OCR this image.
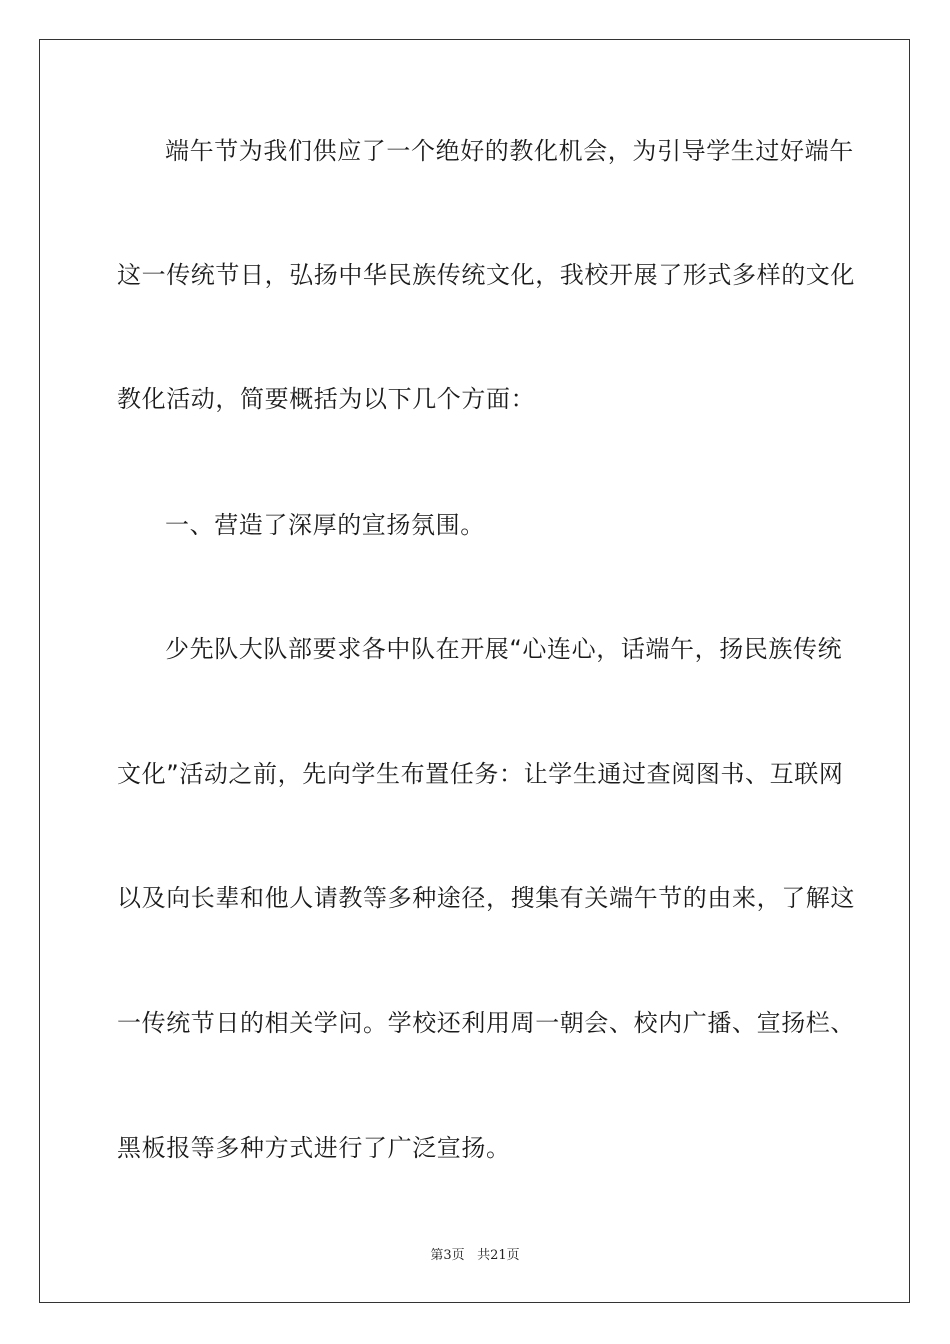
端午节为我们供应了一个绝好的教化机会，为引导学生过好端午
这一传统节日，弘扬中华民族传统文化，我校开展了形式多样的文化
教化活动，简要概括为以下几个方面：
一、营造了深厚的宣扬氛围。
少先队大队部要求各中队在开展“心连心，话端午，扬民族传统
文化”活动之前，先向学生布置任务：让学生通过查阅图书、互联网
以及向长辈和他人请教等多种途径，搜集有关端午节的由来，了解这
一传统节日的相关学问。学校还利用周一朝会、校内广播、宣扬栏、
黑板报等多种方式进行了广泛宣扬。
第3页 共21页
